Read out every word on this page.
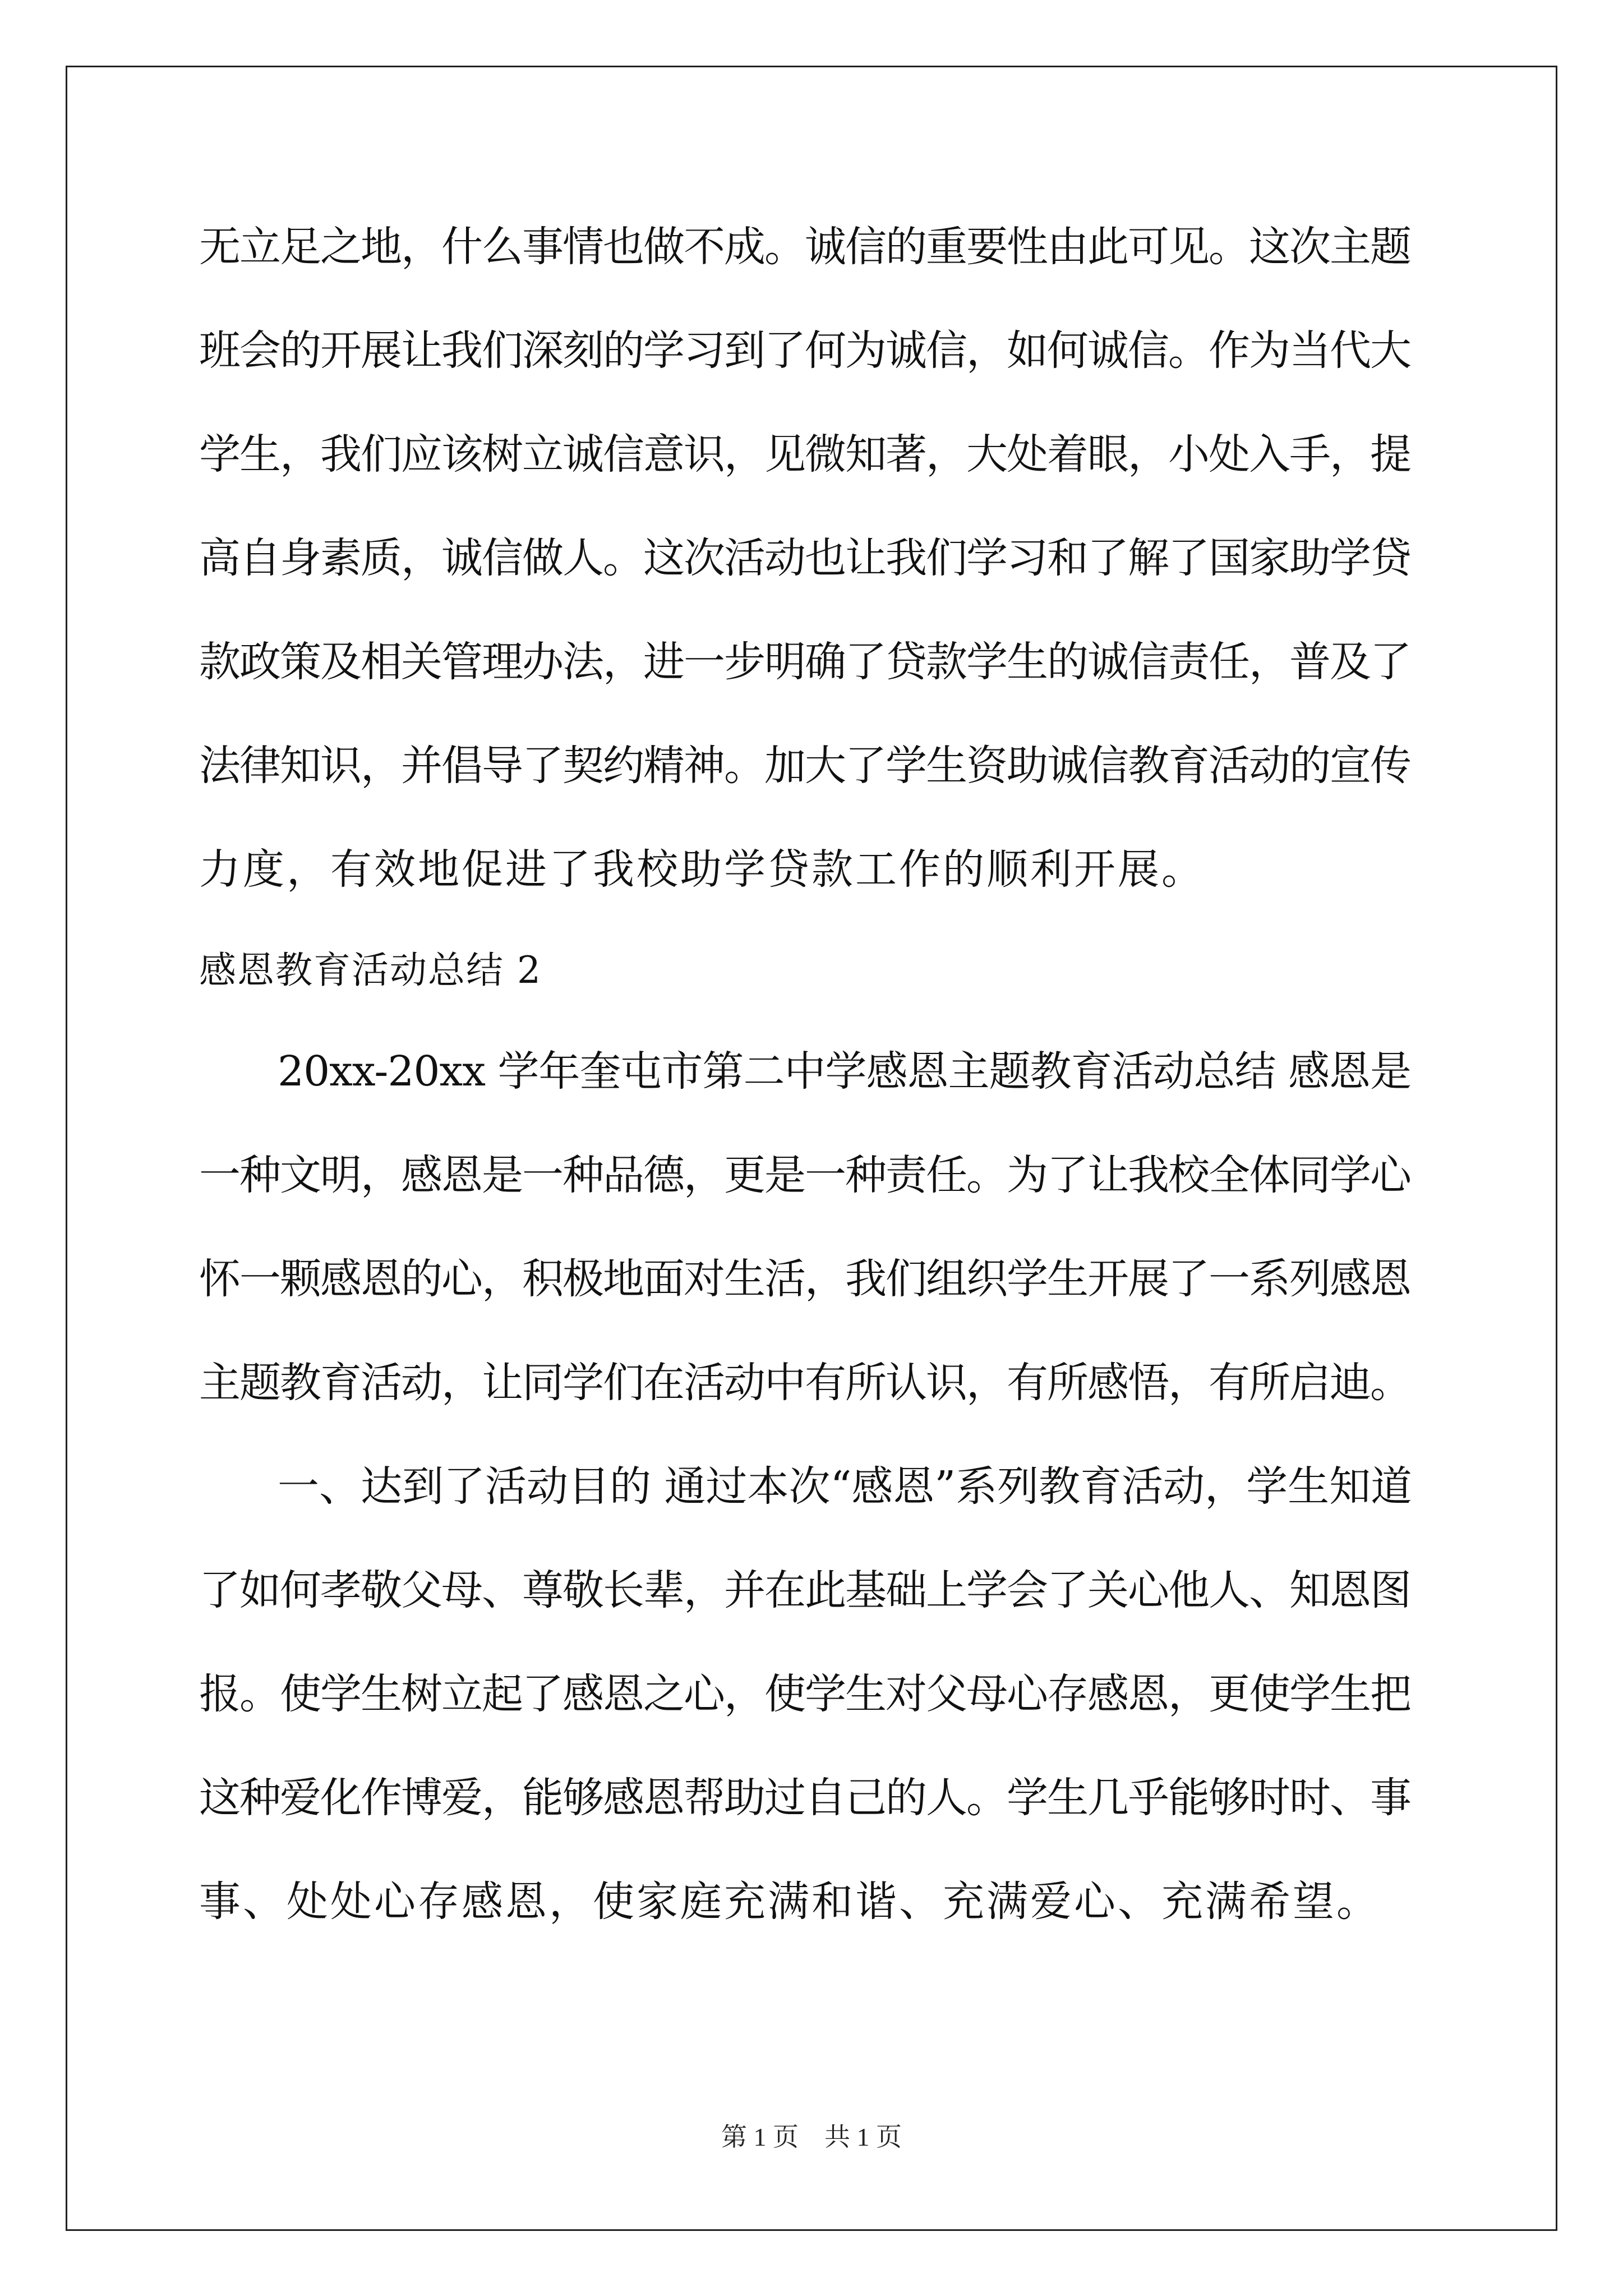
无立足之地，什么事情也做不成。诚信的重要性由此可见。这次主题
班会的开展让我们深刻的学习到了何为诚信，如何诚信。作为当代大
学生，我们应该树立诚信意识，见微知著，大处着眼，小处入手，提
高自身素质，诚信做人。这次活动也让我们学习和了解了国家助学贷
款政策及相关管理办法，进一步明确了贷款学生的诚信责任，普及了
法律知识，并倡导了契约精神。加大了学生资助诚信教育活动的宣传
力度，有效地促进了我校助学贷款工作的顺利开展。
感恩教育活动总结 2
20xx-20xx 学年奎屯市第二中学感恩主题教育活动总结 感恩是
一种文明，感恩是一种品德，更是一种责任。为了让我校全体同学心
怀一颗感恩的心，积极地面对生活，我们组织学生开展了一系列感恩
主题教育活动，让同学们在活动中有所认识，有所感悟，有所启迪。
一、达到了活动目的 通过本次“感恩”系列教育活动，学生知道
了如何孝敬父母、尊敬长辈，并在此基础上学会了关心他人、知恩图
报。使学生树立起了感恩之心，使学生对父母心存感恩，更使学生把
这种爱化作博爱，能够感恩帮助过自己的人。学生几乎能够时时、事
事、处处心存感恩，使家庭充满和谐、充满爱心、充满希望。
第 1 页　共 1 页
